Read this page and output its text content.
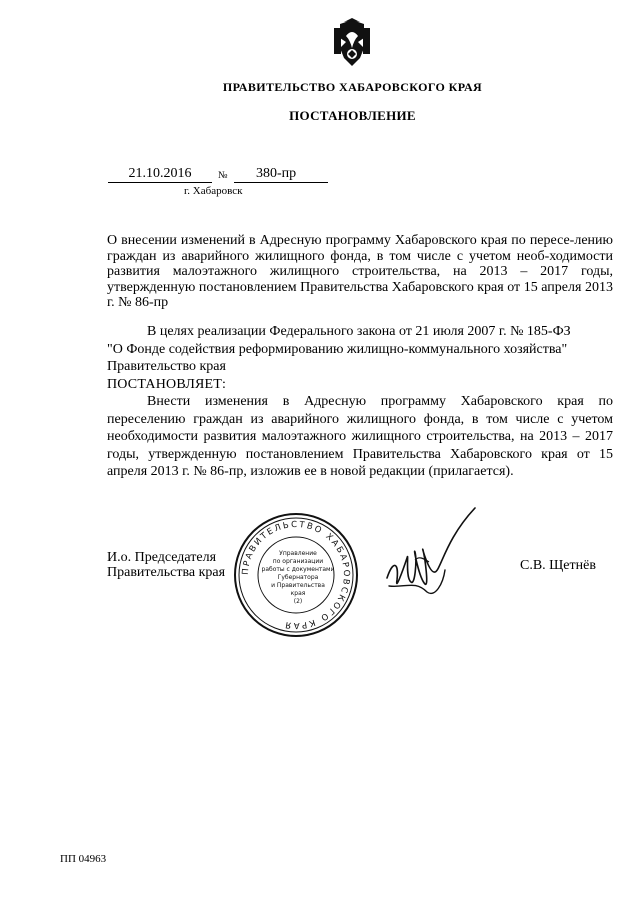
ПРАВИТЕЛЬСТВО ХАБАРОВСКОГО КРАЯ
ПОСТАНОВЛЕНИЕ
21.10.2016	№	380-пр
г. Хабаровск
О внесении изменений в Адресную программу Хабаровского края по пересе-лению граждан из аварийного жилищного фонда, в том числе с учетом необ-ходимости развития малоэтажного жилищного строительства, на 2013 – 2017 годы, утвержденную постановлением Правительства Хабаровского края от 15 апреля 2013 г. № 86-пр
В целях реализации Федерального закона от 21 июля 2007 г. № 185-ФЗ
"О Фонде содействия реформированию жилищно-коммунального хозяйства"
Правительство края
ПОСТАНОВЛЯЕТ:

Внести изменения в Адресную программу Хабаровского края по переселению граждан из аварийного жилищного фонда, в том числе с учетом необходимости развития малоэтажного жилищного строительства, на 2013 – 2017 годы, утвержденную постановлением Правительства Хабаровского края от 15 апреля 2013 г. № 86-пр, изложив ее в новой редакции (прилагается).

И.о. Председателя
Правительства края ПРАВИТЕЛЬСТВО ХАБАРОВСКОГО КРАЯ
Управление
по организации
работы с документами
Губернатора
и Правительства
края
(2)
С.В. Щетнёв
ПП 04963
